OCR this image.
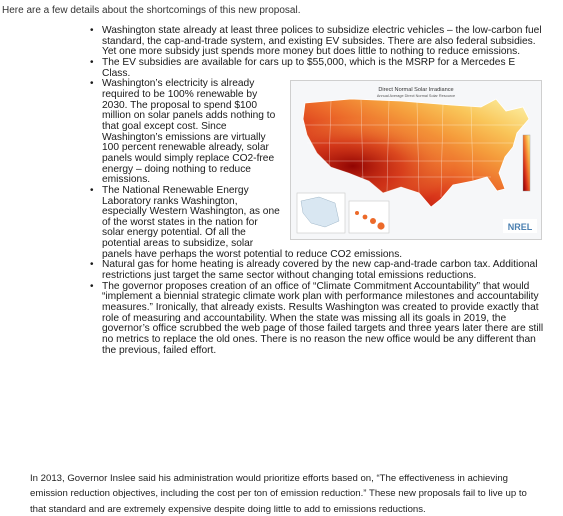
Here are a few details about the shortcomings of this new proposal.

• Washington state already at least three polices to subsidize electric vehicles – the low-carbon fuel standard, the cap-and-trade system, and existing EV subsides. There are also federal subsidies. Yet one more subsidy just spends more money but does little to nothing to reduce emissions.
• The EV subsidies are available for cars up to $55,000, which is the MSRP for a Mercedes E Class.
• Direct Normal Solar Irradiance
Annual Average Direct Normal Solar Resource
NREL
Washington’s electricity is already required to be 100% renewable by 2030. The proposal to spend $100 million on solar panels adds nothing to that goal except cost. Since Washington’s emissions are virtually 100 percent renewable already, solar panels would simply replace CO2-free energy – doing nothing to reduce emissions.
• The National Renewable Energy Laboratory ranks Washington, especially Western Washington, as one of the worst states in the nation for solar energy potential. Of all the potential areas to subsidize, solar panels have perhaps the worst potential to reduce CO2 emissions.
• Natural gas for home heating is already covered by the new cap-and-trade carbon tax. Additional restrictions just target the same sector without changing total emissions reductions.
• The governor proposes creation of an office of “Climate Commitment Accountability” that would “implement a biennial strategic climate work plan with performance milestones and accountability measures.” Ironically, that already exists. Results Washington was created to provide exactly that role of measuring and accountability. When the state was missing all its goals in 2019, the governor’s office scrubbed the web page of those failed targets and three years later there are still no metrics to replace the old ones. There is no reason the new office would be any different than the previous, failed effort.

In 2013, Governor Inslee said his administration would prioritize efforts based on, “The effectiveness in achieving emission reduction objectives, including the cost per ton of emission reduction.” These new proposals fail to live up to that standard and are extremely expensive despite doing little to add to emissions reductions.
